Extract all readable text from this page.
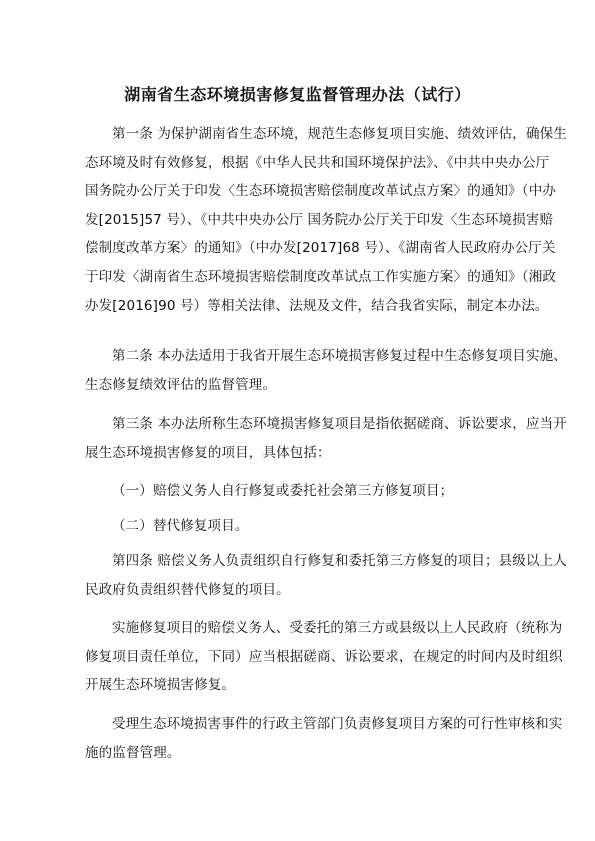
湖南省生态环境损害修复监督管理办法（试行）
第一条 为保护湖南省生态环境，规范生态修复项目实施、绩效评估，确保生
态环境及时有效修复，根据《中华人民共和国环境保护法》、《中共中央办公厅
国务院办公厅关于印发〈生态环境损害赔偿制度改革试点方案〉的通知》（中办
发[2015]57 号）、《中共中央办公厅 国务院办公厅关于印发〈生态环境损害赔
偿制度改革方案〉的通知》（中办发[2017]68 号）、《湖南省人民政府办公厅关
于印发〈湖南省生态环境损害赔偿制度改革试点工作实施方案〉的通知》（湘政
办发[2016]90 号）等相关法律、法规及文件，结合我省实际，制定本办法。
第二条 本办法适用于我省开展生态环境损害修复过程中生态修复项目实施、
生态修复绩效评估的监督管理。
第三条 本办法所称生态环境损害修复项目是指依据磋商、诉讼要求，应当开
展生态环境损害修复的项目，具体包括：
（一）赔偿义务人自行修复或委托社会第三方修复项目；
（二）替代修复项目。
第四条 赔偿义务人负责组织自行修复和委托第三方修复的项目；县级以上人
民政府负责组织替代修复的项目。
实施修复项目的赔偿义务人、受委托的第三方或县级以上人民政府（统称为
修复项目责任单位，下同）应当根据磋商、诉讼要求，在规定的时间内及时组织
开展生态环境损害修复。
受理生态环境损害事件的行政主管部门负责修复项目方案的可行性审核和实
施的监督管理。
